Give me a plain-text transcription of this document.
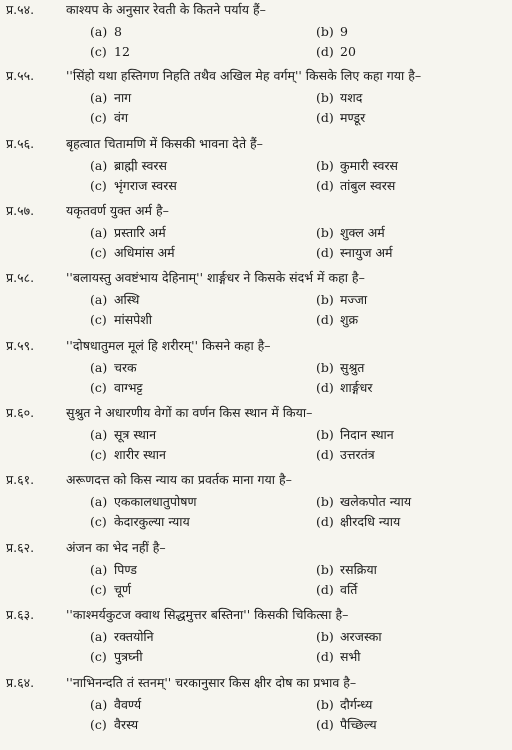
प्र.५४.	काश्यप के अनुसार रेवती के कितने पर्याय हैं–
(a) 8	(b) 9
(c) 12	(d) 20
प्र.५५.	''सिंहो यथा हस्तिगण निहति तथैव अखिल मेह वर्गम्'' किसके लिए कहा गया है–
(a) नाग	(b) यशद
(c) वंग	(d) मण्डूर
प्र.५६.	बृहत्वात चितामणि में किसकी भावना देते हैं–
(a) ब्राह्मी स्वरस	(b) कुमारी स्वरस
(c) भृंगराज स्वरस	(d) तांबुल स्वरस
प्र.५७.	यकृतवर्ण युक्त अर्म है–
(a) प्रस्तारि अर्म	(b) शुक्ल अर्म
(c) अधिमांस अर्म	(d) स्नायुज अर्म
प्र.५८.	''बलायस्तु अवष्टंभाय देहिनाम्'' शार्ङ्गधर ने किसके संदर्भ में कहा है–
(a) अस्थि	(b) मज्जा
(c) मांसपेशी	(d) शुक्र
प्र.५९.	''दोषधातुमल मूलं हि शरीरम्'' किसने कहा है–
(a) चरक	(b) सुश्रुत
(c) वाग्भट्ट	(d) शार्ङ्गधर
प्र.६०.	सुश्रुत ने अधारणीय वेगों का वर्णन किस स्थान में किया–
(a) सूत्र स्थान	(b) निदान स्थान
(c) शारीर स्थान	(d) उत्तरतंत्र
प्र.६१.	अरूणदत्त को किस न्याय का प्रवर्तक माना गया है–
(a) एककालधातुपोषण	(b) खलेकपोत न्याय
(c) केदारकुल्या न्याय	(d) क्षीरदधि न्याय
प्र.६२.	अंजन का भेद नहीं है–
(a) पिण्ड	(b) रसक्रिया
(c) चूर्ण	(d) वर्ति
प्र.६३.	''काश्मर्यकुटज क्वाथ सिद्धमुत्तर बस्तिना'' किसकी चिकित्सा है–
(a) रक्तयोनि	(b) अरजस्का
(c) पुत्रघ्नी	(d) सभी
प्र.६४.	''नाभिनन्दति तं स्तनम्'' चरकानुसार किस क्षीर दोष का प्रभाव है–
(a) वैवर्ण्य	(b) दौर्गन्ध्य
(c) वैरस्य	(d) पैच्छिल्य
